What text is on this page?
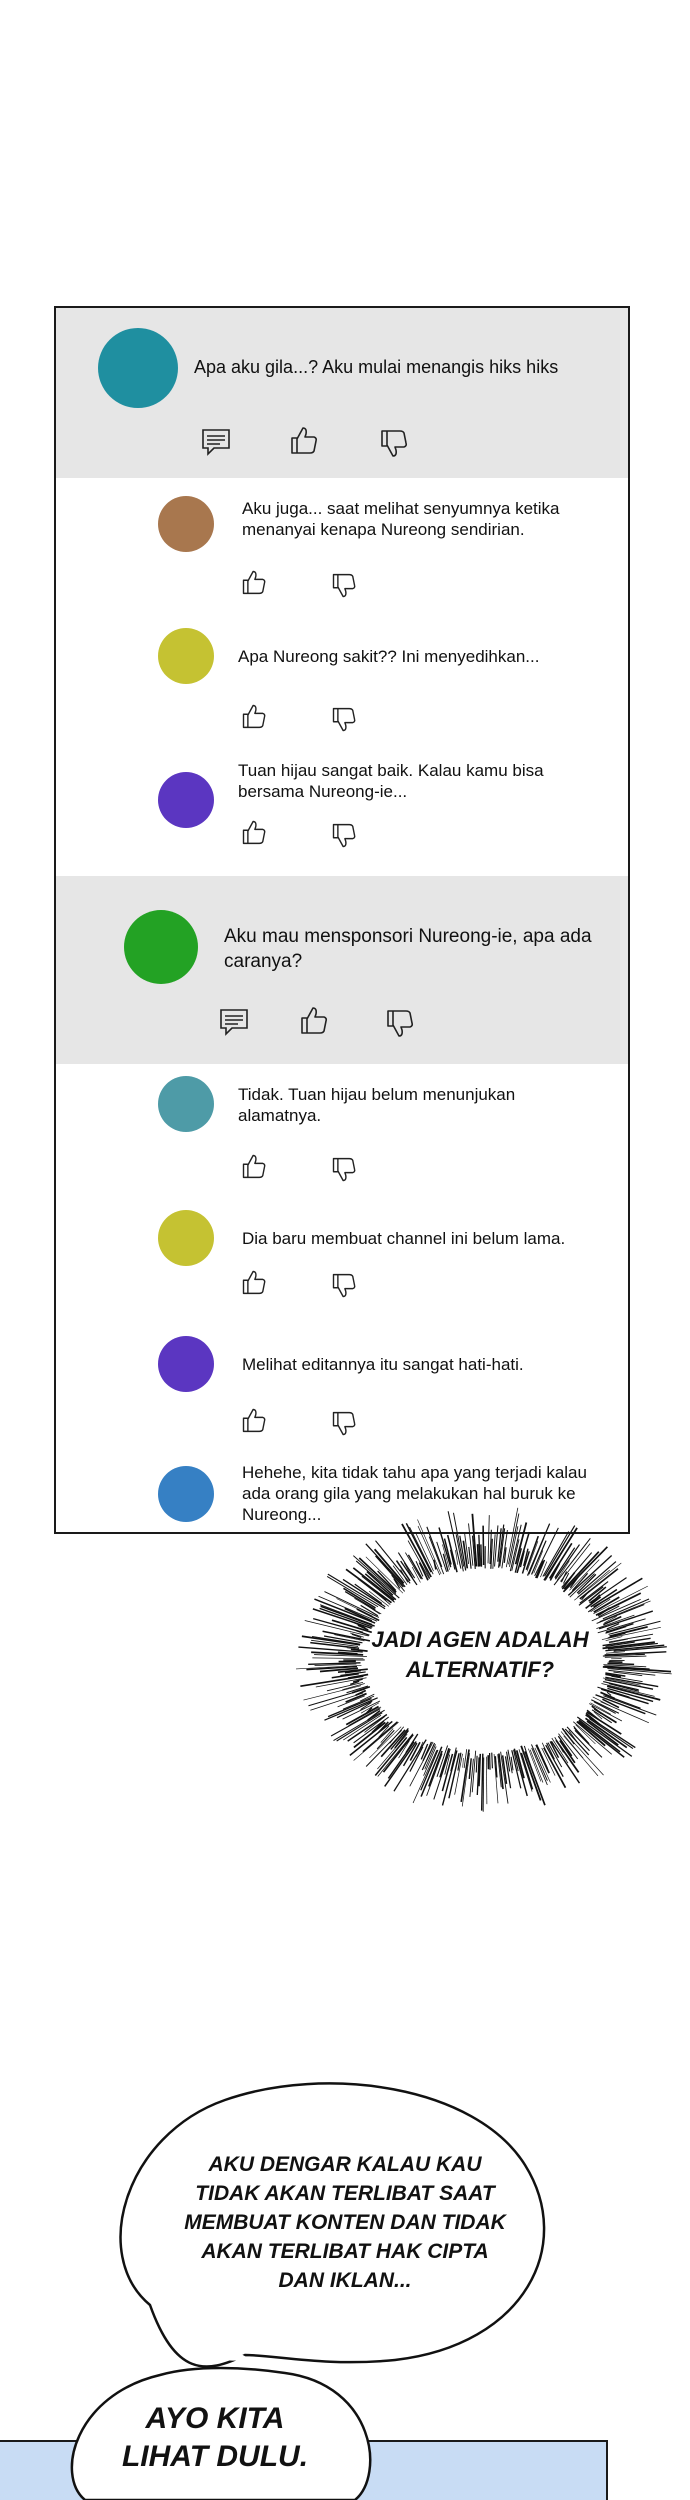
Apa aku gila...? Aku mulai menangis hiks hiks
Aku juga... saat melihat senyumnya ketika menanyai kenapa Nureong sendirian.
Apa Nureong sakit?? Ini menyedihkan...
Tuan hijau sangat baik. Kalau kamu bisa bersama Nureong-ie...
Aku mau mensponsori Nureong-ie, apa ada caranya?
Tidak. Tuan hijau belum menunjukan alamatnya.
Dia baru membuat channel ini belum lama.
Melihat editannya itu sangat hati-hati.
Hehehe, kita tidak tahu apa yang terjadi kalau ada orang gila yang melakukan hal buruk ke Nureong...
JADI AGEN ADALAH ALTERNATIF?
AKU DENGAR KALAU KAU TIDAK AKAN TERLIBAT SAAT MEMBUAT KONTEN DAN TIDAK AKAN TERLIBAT HAK CIPTA DAN IKLAN...
AYO KITA LIHAT DULU.
